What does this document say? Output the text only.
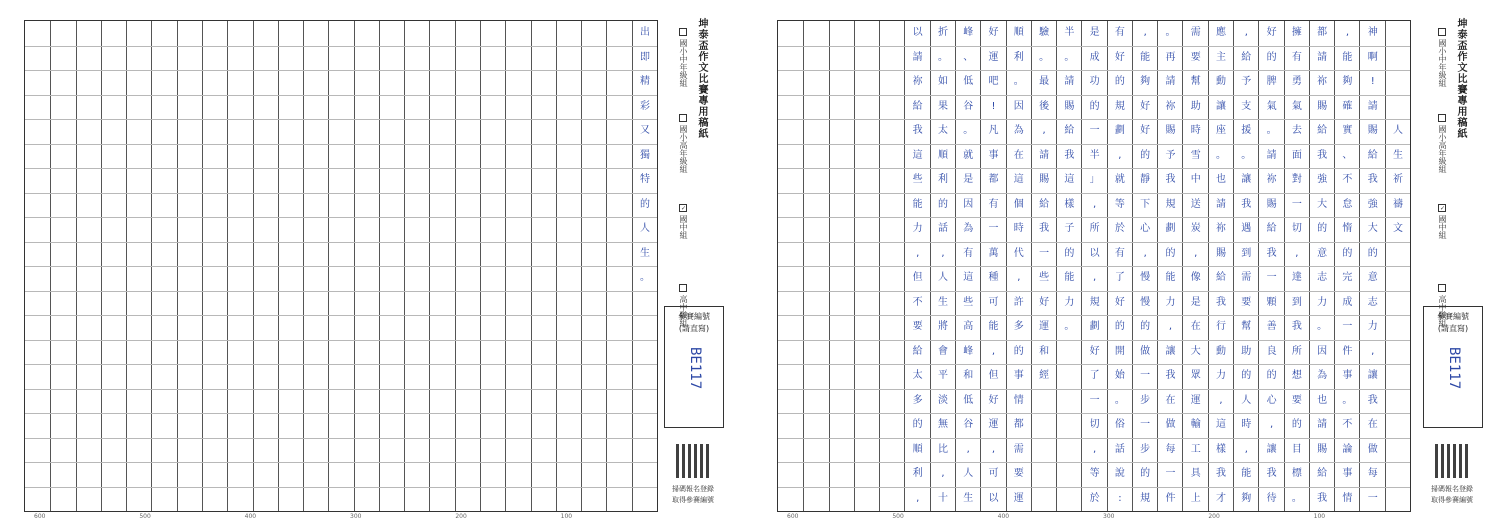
出
即
精
彩
又
獨
特
的
人
生
。
600	500	400	300	200	100
坤泰盃作文比賽專用稿紙
國小中年級組
國小高年級組
✓國中組
高中職組
參賽編號
(請直寫)
BE117
掃碼報名登錄
取得參賽編號
人
生
祈
禱
文
神
啊
!
請
賜
給
我
強
大
的
意
志
力
,
讓
我
在
做
每
一
,
能
夠
確
實
、
不
怠
惰
的
完
成
一
件
事
。
不
論
事
情
都
請
祢
賜
給
我
強
大
的
意
志
力
。
因
為
也
請
賜
給
我
擁
有
勇
氣
去
面
對
一
切
,
達
到
我
所
想
要
的
目
標
。
好
的
脾
氣
。
請
祢
賜
給
我
一
顆
善
良
的
心
,
讓
我
待
,
給
予
支
援
。
讓
我
遇
到
需
要
幫
助
的
人
時
,
能
夠
應
主
動
讓
座
。
也
請
祢
賜
給
我
行
動
力
,
這
樣
我
才
需
要
幫
助
時
雪
中
送
炭
,
像
是
在
大
眾
運
輸
工
具
上
。
再
請
祢
賜
予
我
規
劃
的
能
力
,
讓
我
在
做
每
一
件
,
能
夠
好
好
的
靜
下
心
,
慢
慢
的
做
一
步
一
步
的
規
有
好
的
規
劃
,
就
等
於
有
了
好
的
開
始
。
俗
話
說
:
是
成
功
的
一
半
」
,
所
以
,
規
劃
好
了
一
切
,
等
於
半
。
請
賜
給
我
這
樣
子
的
能
力
。
驗
。
最
後
,
請
賜
給
我
一
些
好
運
和
經
順
利
。
因
為
在
這
個
時
代
,
許
多
的
事
情
都
需
要
運
好
運
吧
!
凡
事
都
有
一
萬
種
可
能
,
但
好
運
,
可
以
峰
、
低
谷
。
就
是
因
為
有
這
些
高
峰
和
低
谷
,
人
生
折
。
如
果
太
順
利
的
話
,
人
生
將
會
平
淡
無
比
,
十
以
請
祢
給
我
這
些
能
力
,
但
不
要
給
太
多
的
順
利
,
600	500	400	300	200	100
坤泰盃作文比賽專用稿紙
國小中年級組
國小高年級組
✓國中組
高中職組
參賽編號
(請直寫)
BE117
掃碼報名登錄
取得參賽編號
